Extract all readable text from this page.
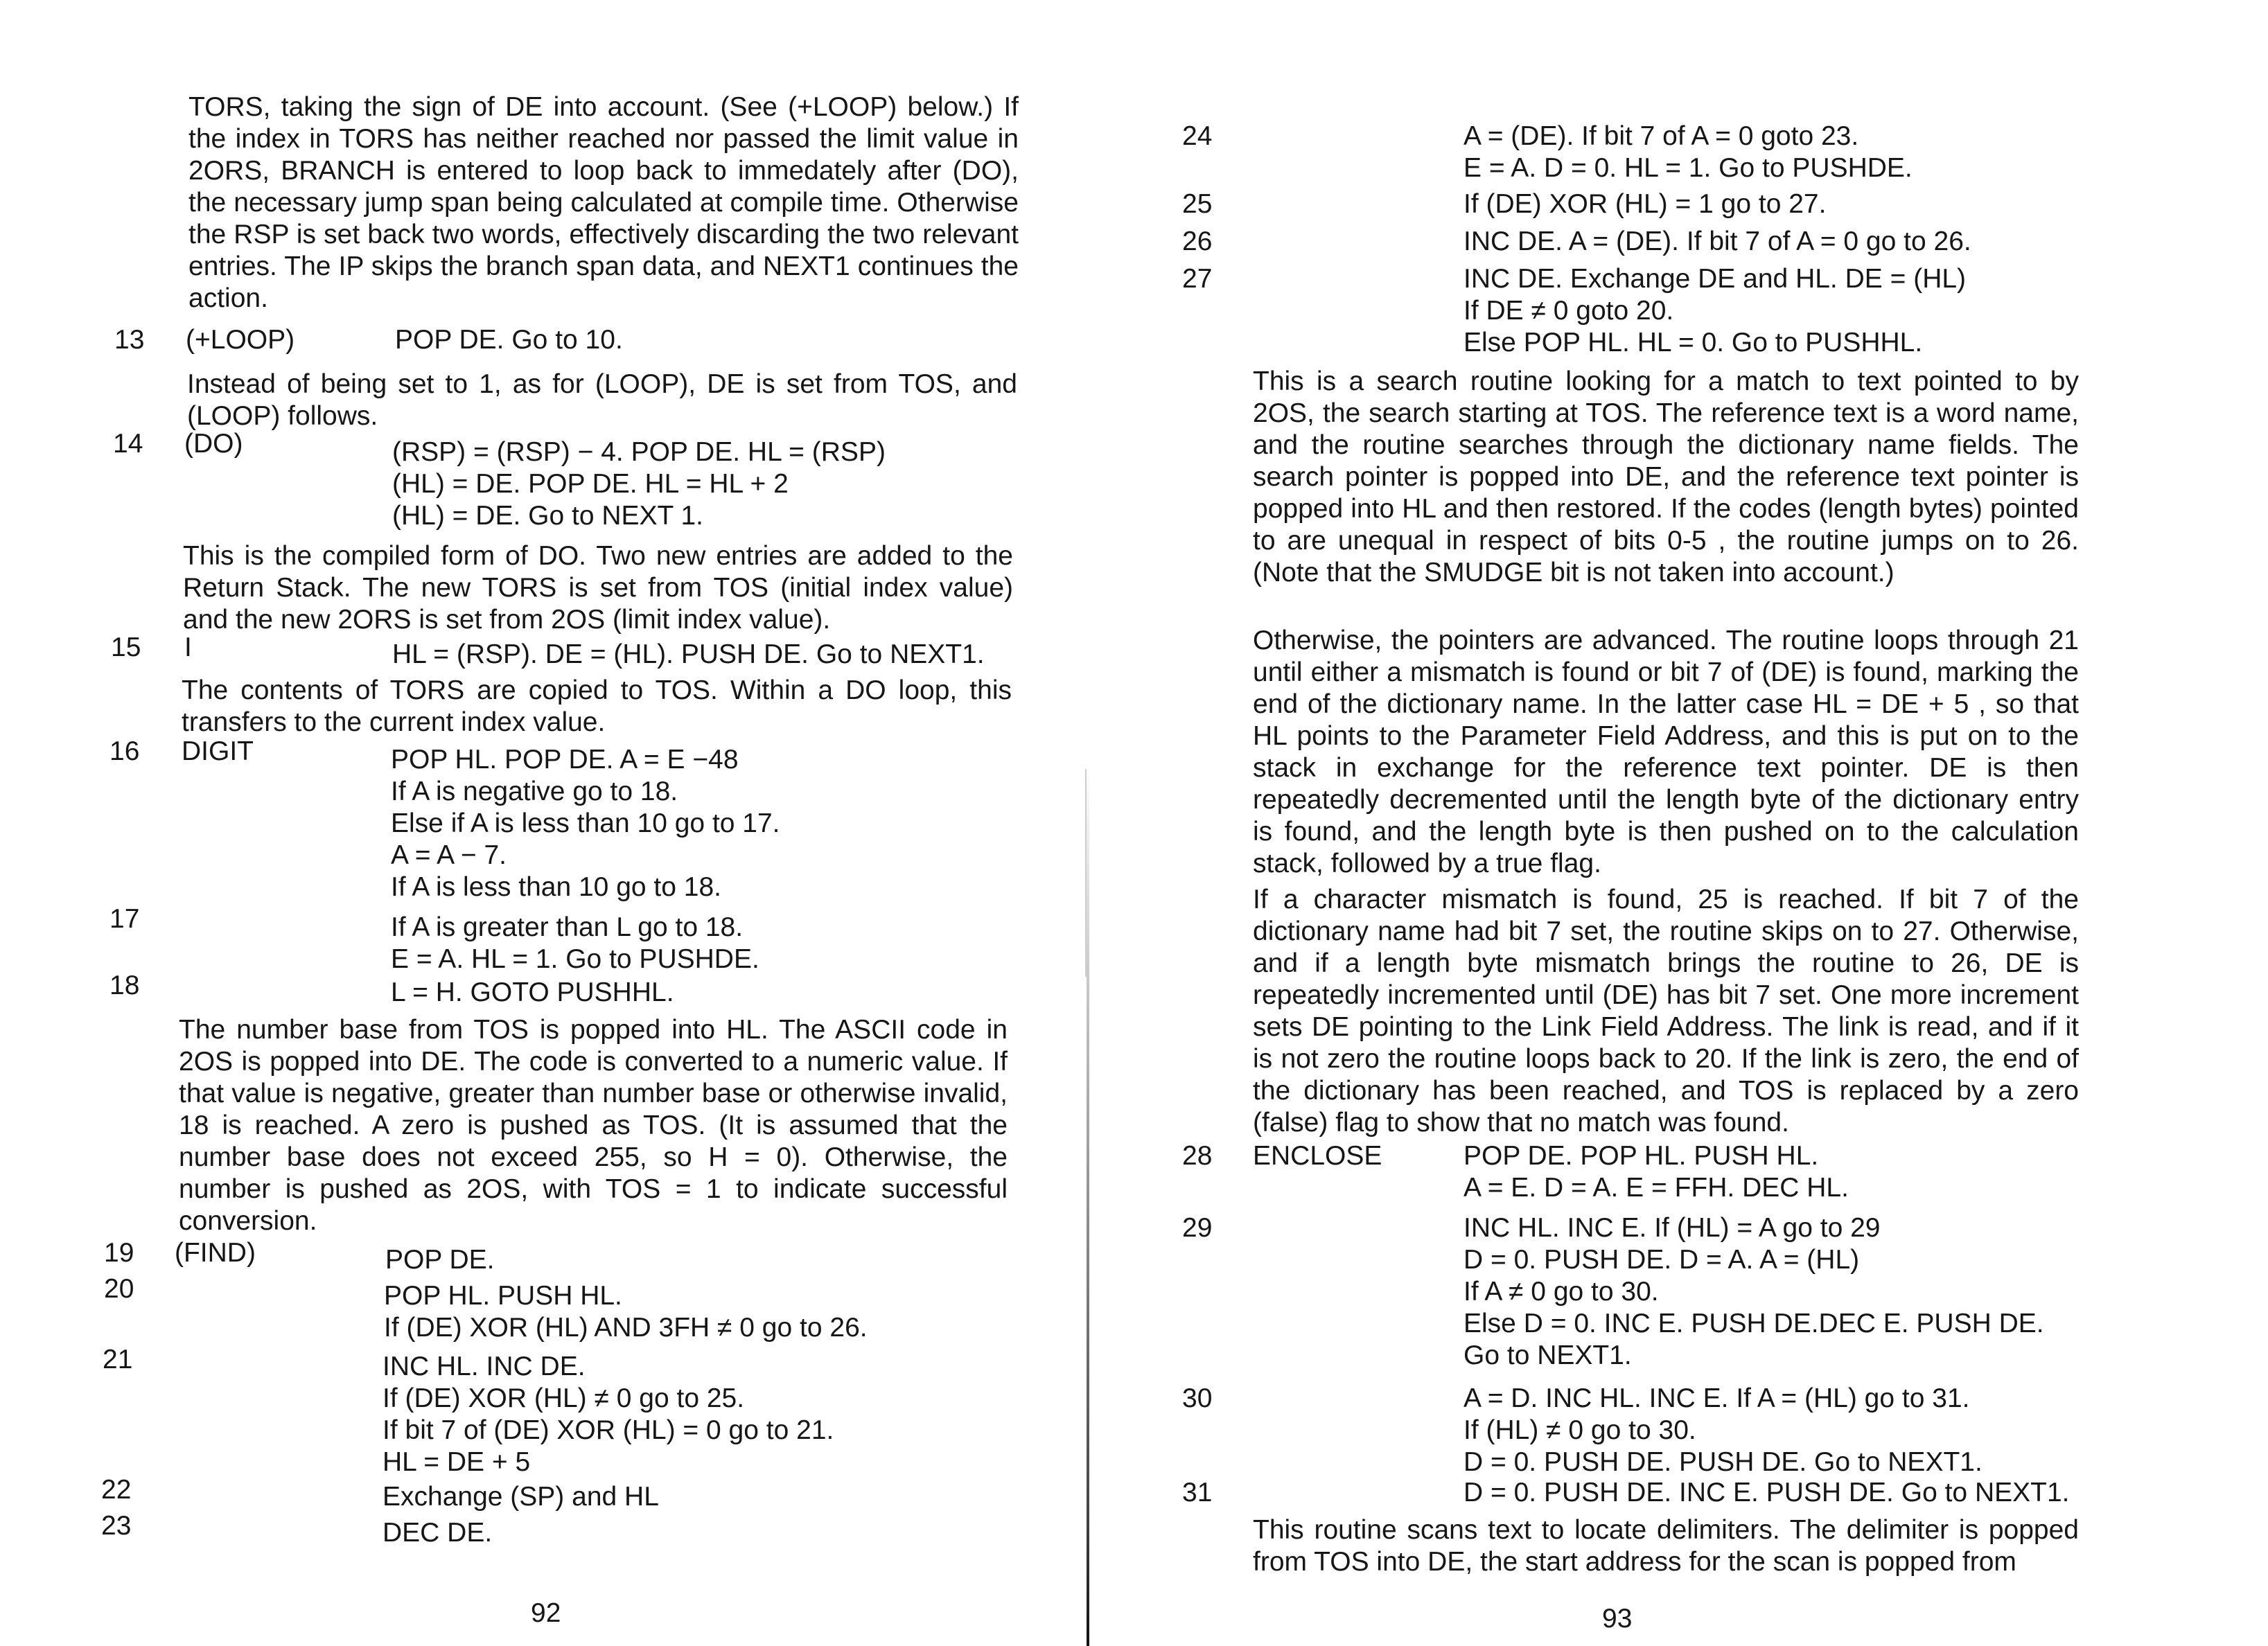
TORS, taking the sign of DE into account. (See (+LOOP) below.) If the index in TORS has neither reached nor passed the limit value in 2ORS, BRANCH is entered to loop back to immedately after (DO), the necessary jump span being calculated at compile time. Otherwise the RSP is set back two words, effectively discarding the two relevant entries. The IP skips the branch span data, and NEXT1 continues the action.
13 (+LOOP)	POP DE. Go to 10.
Instead of being set to 1, as for (LOOP), DE is set from TOS, and (LOOP) follows.
14 (DO)	(RSP) = (RSP) − 4. POP DE. HL = (RSP)
(HL) = DE. POP DE. HL = HL + 2
(HL) = DE. Go to NEXT 1.
This is the compiled form of DO. Two new entries are added to the Return Stack. The new TORS is set from TOS (initial index value) and the new 2ORS is set from 2OS (limit index value).
15 I	HL = (RSP). DE = (HL). PUSH DE. Go to NEXT1.
The contents of TORS are copied to TOS. Within a DO loop, this transfers to the current index value.
16 DIGIT	POP HL. POP DE. A = E −48
If A is negative go to 18.
Else if A is less than 10 go to 17.
A = A − 7.
If A is less than 10 go to 18.
17	If A is greater than L go to 18.
E = A. HL = 1. Go to PUSHDE.
18	L = H. GOTO PUSHHL.
The number base from TOS is popped into HL. The ASCII code in 2OS is popped into DE. The code is converted to a numeric value. If that value is negative, greater than number base or otherwise invalid, 18 is reached. A zero is pushed as TOS. (It is assumed that the number base does not exceed 255, so H = 0). Otherwise, the number is pushed as 2OS, with TOS = 1 to indicate successful conversion.
19 (FIND)	POP DE.
20	POP HL. PUSH HL.
If (DE) XOR (HL) AND 3FH ≠ 0 go to 26.
21	INC HL. INC DE.
If (DE) XOR (HL) ≠ 0 go to 25.
If bit 7 of (DE) XOR (HL) = 0 go to 21.
HL = DE + 5
22	Exchange (SP) and HL
23	DEC DE.
92
24	A = (DE). If bit 7 of A = 0 goto 23.
E = A. D = 0. HL = 1. Go to PUSHDE.
25	If (DE) XOR (HL) = 1 go to 27.
26	INC DE. A = (DE). If bit 7 of A = 0 go to 26.
27	INC DE. Exchange DE and HL. DE = (HL)
If DE ≠ 0 goto 20.
Else POP HL. HL = 0. Go to PUSHHL.
This is a search routine looking for a match to text pointed to by 2OS, the search starting at TOS. The reference text is a word name, and the routine searches through the dictionary name fields. The search pointer is popped into DE, and the reference text pointer is popped into HL and then restored. If the codes (length bytes) pointed to are unequal in respect of bits 0-5 , the routine jumps on to 26. (Note that the SMUDGE bit is not taken into account.)
Otherwise, the pointers are advanced. The routine loops through 21 until either a mismatch is found or bit 7 of (DE) is found, marking the end of the dictionary name. In the latter case HL = DE + 5 , so that HL points to the Parameter Field Address, and this is put on to the stack in exchange for the reference text pointer. DE is then repeatedly decremented until the length byte of the dictionary entry is found, and the length byte is then pushed on to the calculation stack, followed by a true flag.
If a character mismatch is found, 25 is reached. If bit 7 of the dictionary name had bit 7 set, the routine skips on to 27. Otherwise, and if a length byte mismatch brings the routine to 26, DE is repeatedly incremented until (DE) has bit 7 set. One more increment sets DE pointing to the Link Field Address. The link is read, and if it is not zero the routine loops back to 20. If the link is zero, the end of the dictionary has been reached, and TOS is replaced by a zero (false) flag to show that no match was found.
28 ENCLOSE	POP DE. POP HL. PUSH HL.
A = E. D = A. E = FFH. DEC HL.
29	INC HL. INC E. If (HL) = A go to 29
D = 0. PUSH DE. D = A. A = (HL)
If A ≠ 0 go to 30.
Else D = 0. INC E. PUSH DE.DEC E. PUSH DE.
Go to NEXT1.
30	A = D. INC HL. INC E. If A = (HL) go to 31.
If (HL) ≠ 0 go to 30.
D = 0. PUSH DE. PUSH DE. Go to NEXT1.
31	D = 0. PUSH DE. INC E. PUSH DE. Go to NEXT1.
This routine scans text to locate delimiters. The delimiter is popped from TOS into DE, the start address for the scan is popped from
93
